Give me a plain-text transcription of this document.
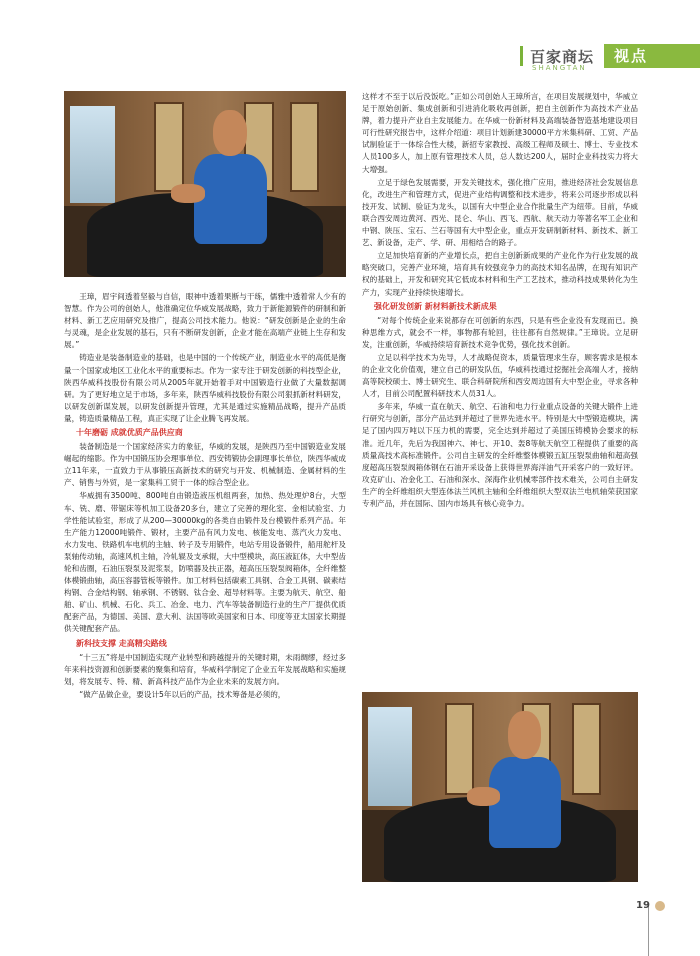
百家商坛
SHANGTAN
视点

王璋，眉宇间透着坚毅与自信，眼神中透着果断与干练，儒雅中透着常人少有的智慧。作为公司的创始人，他准确定位华威发展战略，致力于新能源锻件的研制和新材料、新工艺应用研究及推广，提高公司技术能力。他说：“研发创新是企业的生命与灵魂，是企业发展的基石，只有不断研发创新，企业才能在高端产业链上生存和发展。”

铸造业是装备制造业的基础，也是中国的一个传统产业，制造业水平的高低是衡量一个国家或地区工业化水平的重要标志。作为一家专注于研发创新的科技型企业，陕西华威科技股份有限公司从2005年就开始着手对中国锻造行业做了大量数据调研。为了更好地立足于市场，多年来，陕西华威科技股份有限公司狠抓新材料研发，以研发创新谋发展，以研发创新提升管理，尤其是通过实施精品战略，提升产品质量，铸造质量精品工程，真正实现了让企业腾飞再发展。

十年磨砺 成就优质产品供应商

装备制造是一个国家经济实力的象征，华威的发展，是陕西乃至中国锻造业发展崛起的缩影。作为中国锻压协会理事单位、西安铸锻协会副理事长单位，陕西华威成立11年来，一直致力于从事锻压高新技术的研究与开发、机械制造、金属材料的生产、销售与外贸，是一家集科工贸于一体的综合型企业。

华威拥有3500吨、800吨自由锻造液压机组两套，加热、热处理炉8台，大型车、铣、磨、带锯床等机加工设备20多台，建立了完善的理化室、金相试验室、力学性能试验室，形成了从200—30000kg的各类自由锻件及台模锻件系列产品。年生产能力12000吨锻件、锻材，主要产品有风力发电、核能发电、蒸汽火力发电、水力发电、铁路机车电机的主轴、转子及专用锻件，电站专用设备锻件，船用舵杆及泵轴传动轴，高速风机主轴，冷轧辊及支承辊，大中型模块，高压液缸体，大中型齿轮和齿圈，石油压裂泵及泥浆泵，防喷器及扶正器，超高压压裂泵阀箱体，全纤维整体模锻曲轴，高压容器管板等锻件。加工材料包括碳素工具钢、合金工具钢、碳素结构钢、合金结构钢、轴承钢、不锈钢、钛合金、超导材料等。主要为航天、航空、船舶、矿山、机械、石化、兵工、冶金、电力、汽车等装备制造行业的生产厂提供优质配套产品，为德国、美国、意大利、法国等欧美国家和日本、印度等亚太国家长期提供关键配套产品。

新科技支撑 走高精尖路线

“十三五”将是中国制造实现产业转型和跨越提升的关键时期，未雨绸缪，经过多年来科技资源和创新要素的聚集和培育，华威科学制定了企业五年发展战略和实施规划，将发展专、特、精、新高科技产品作为企业未来的发展方向。

“做产品做企业，要设计5年以后的产品，技术筹备是必须的，

这样才不至于以后没饭吃。”正如公司创始人王璋所言，在项目发展规划中，华威立足于原始创新、集成创新和引进消化吸收再创新，把自主创新作为高技术产业品牌，着力提升产业自主发展能力。在华威一份新材料及高端装备智造基地建设项目可行性研究报告中，这样介绍道：项目计划新建30000平方米集科研、工贸、产品试制验证于一体综合性大楼，新招专家教授、高级工程师及硕士、博士、专业技术人员100多人，加上原有管理技术人员，总人数达200人，届时企业科技实力将大大增强。

立足于绿色发展需要，开发关键技术，强化推广应用，推进经济社会发展信息化，改进生产和管理方式，促进产业结构调整和技术进步，将来公司逐步形成以科技开发、试制、验证为龙头，以国有大中型企业合作批量生产为纽带。目前，华威联合西安周边黄河、西光、昆仑、华山、西飞、西航、航天动力等著名军工企业和中钢、陕压、宝石、兰石等国有大中型企业，重点开发研制新材料、新技术、新工艺、新设备，走产、学、研、用相结合的路子。

立足加快培育新的产业增长点，把自主创新新成果的产业化作为行业发展的战略突破口，完善产业环境，培育具有较强竞争力的高技术知名品牌，在现有知识产权的基础上，开发和研究其它低成本材料和生产工艺技术，推动科技成果转化为生产力，实现产业持续快速增长。

强化研发创新 新材料新技术新成果

“对每个传统企业来说都存在可创新的东西，只是有些企业没有发现而已。换种思维方式，就会不一样，事物都有轮回，往往都有自然规律。”王璋说。立足研发，注重创新，华威持续培育新技术竞争优势，强化技术创新。

立足以科学技术为先导，人才战略促资本，质量管理求生存，顾客需求是根本的企业文化价值观，建立自己的研发队伍，华威科技通过挖掘社会高端人才，接纳高等院校硕士、博士研究生、联合科研院所和西安周边国有大中型企业，寻求各种人才，目前公司配置科研技术人员31人。

多年来，华威一直在航天、航空、石油和电力行业重点设备的关键大锻件上进行研究与创新，部分产品达到并超过了世界先进水平。特别是大中型锻造模块，满足了国内四万吨以下压力机的需要，完全达到并超过了美国压铸模协会要求的标准。近几年，先后为我国神六、神七、开10、轰8等航天航空工程提供了重要的高质量高技术高标准锻件。公司自主研发的全纤维整体模锻五缸压裂泵曲轴和超高强度超高压裂泵阀箱体钢在石油开采设备上获得世界海洋油气开采客户的一致好评。攻克矿山、冶金化工、石油和深水、深海作业机械零部件技术难关，公司自主研发生产的全纤维组织大型连体法兰风机主轴和全纤维组织大型双法兰电机轴荣获国家专利产品，并在国际、国内市场具有核心竞争力。

19
